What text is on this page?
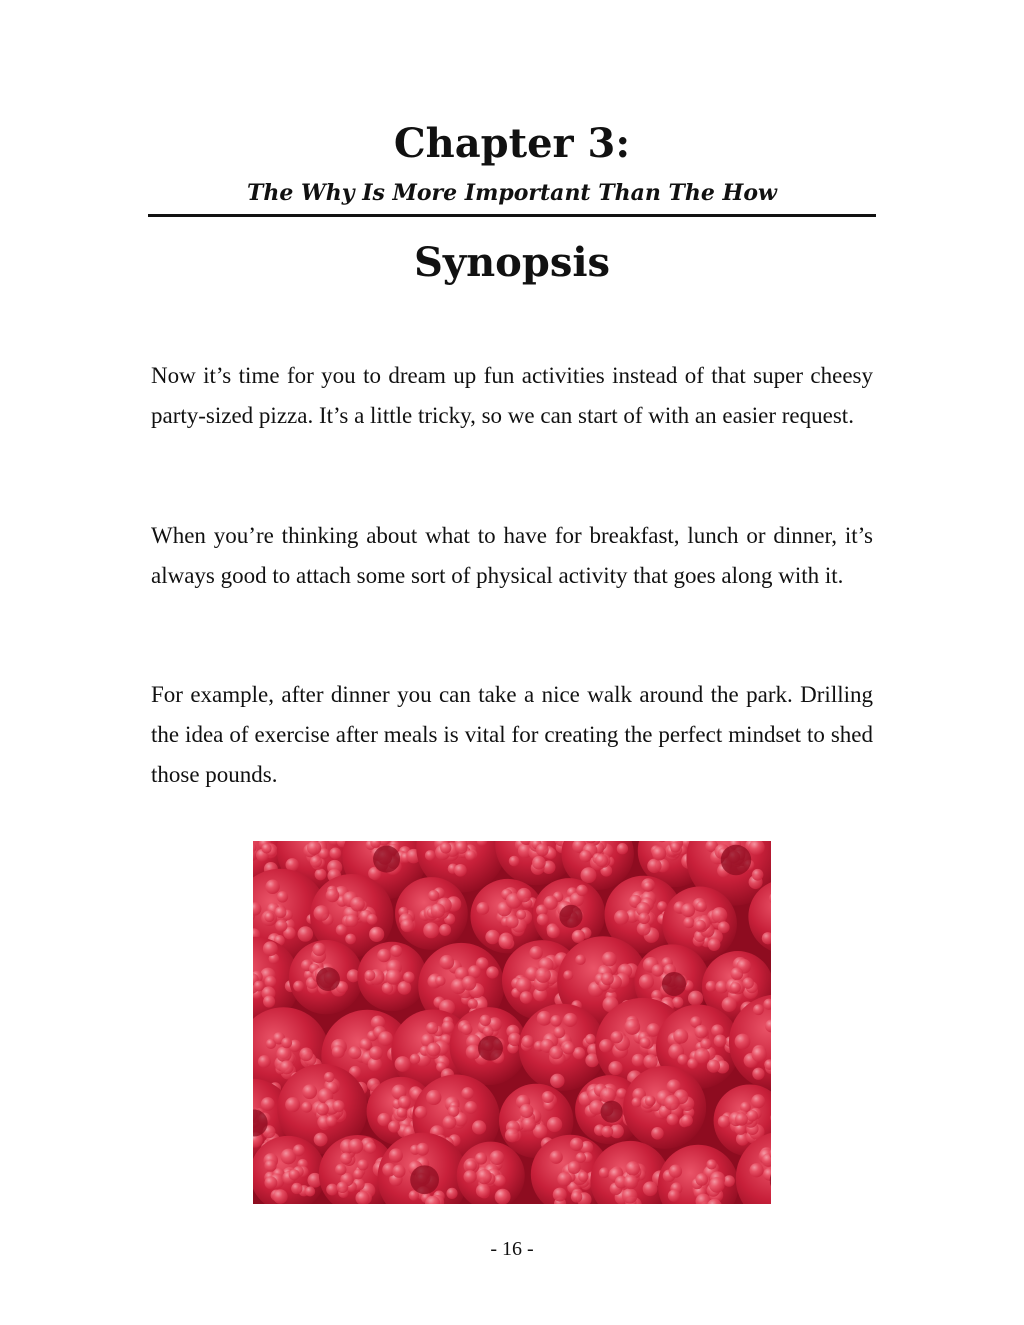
Chapter 3:
The Why Is More Important Than The How
Synopsis

Now it’s time for you to dream up fun activities instead of that super cheesy party-sized pizza. It’s a little tricky, so we can start of with an easier request.

When you’re thinking about what to have for breakfast, lunch or dinner, it’s always good to attach some sort of physical activity that goes along with it.

For example, after dinner you can take a nice walk around the park. Drilling the idea of exercise after meals is vital for creating the perfect mindset to shed those pounds.

- 16 -
